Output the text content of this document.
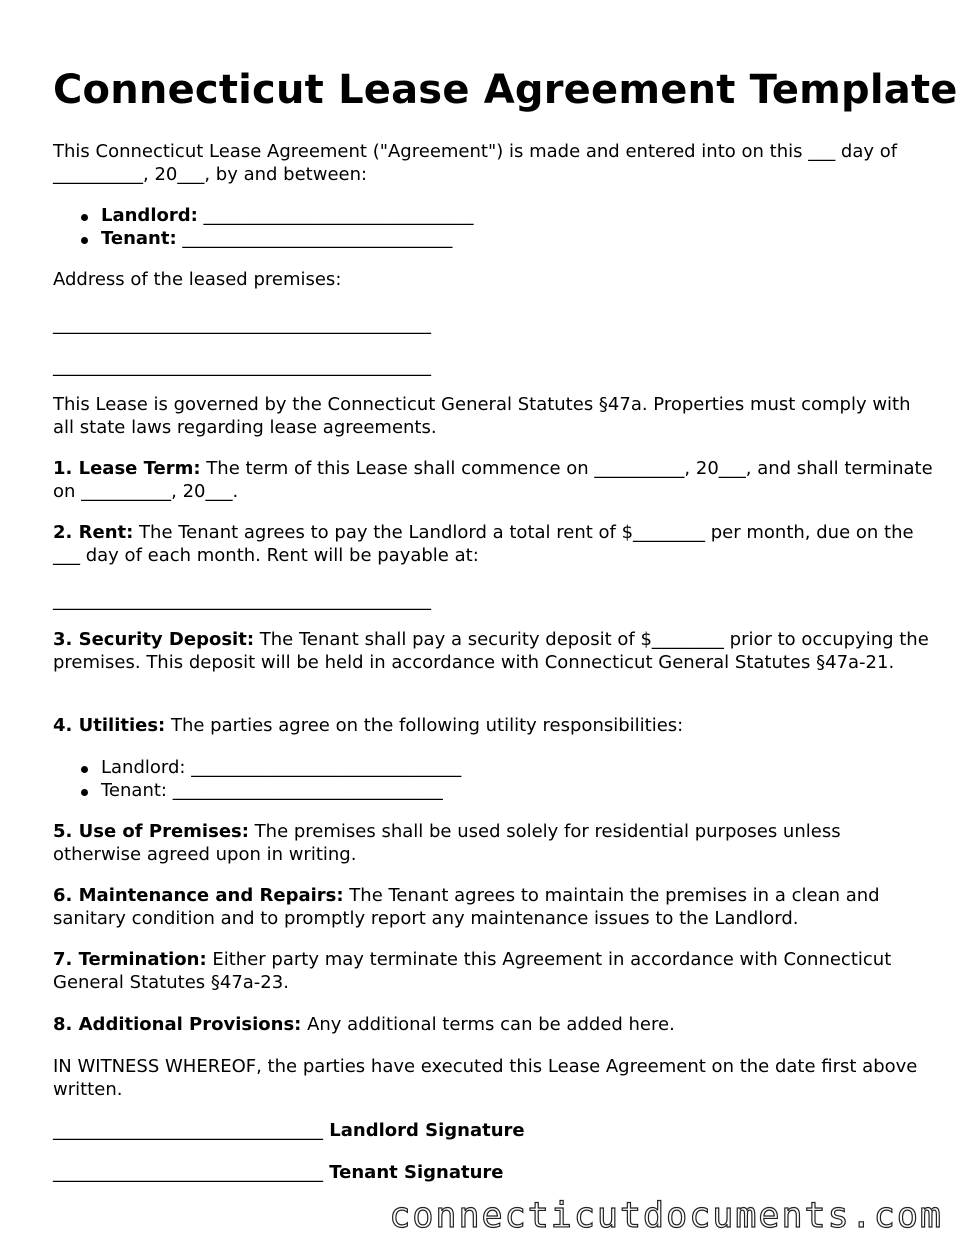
Connecticut Lease Agreement Template
This Connecticut Lease Agreement ("Agreement") is made and entered into on this ___ day of __________, 20___, by and between:
Landlord: ______________________________
Tenant: ______________________________
Address of the leased premises:
__________________________________________
__________________________________________
This Lease is governed by the Connecticut General Statutes §47a. Properties must comply with all state laws regarding lease agreements.
1. Lease Term: The term of this Lease shall commence on __________, 20___, and shall terminate on __________, 20___.
2. Rent: The Tenant agrees to pay the Landlord a total rent of $________ per month, due on the ___ day of each month. Rent will be payable at:
__________________________________________
3. Security Deposit: The Tenant shall pay a security deposit of $________ prior to occupying the premises. This deposit will be held in accordance with Connecticut General Statutes §47a-21.
4. Utilities: The parties agree on the following utility responsibilities:
Landlord: ______________________________
Tenant: ______________________________
5. Use of Premises: The premises shall be used solely for residential purposes unless otherwise agreed upon in writing.
6. Maintenance and Repairs: The Tenant agrees to maintain the premises in a clean and sanitary condition and to promptly report any maintenance issues to the Landlord.
7. Termination: Either party may terminate this Agreement in accordance with Connecticut General Statutes §47a-23.
8. Additional Provisions: Any additional terms can be added here.
IN WITNESS WHEREOF, the parties have executed this Lease Agreement on the date first above written.
______________________________ Landlord Signature
______________________________ Tenant Signature
connecticutdocuments.com
